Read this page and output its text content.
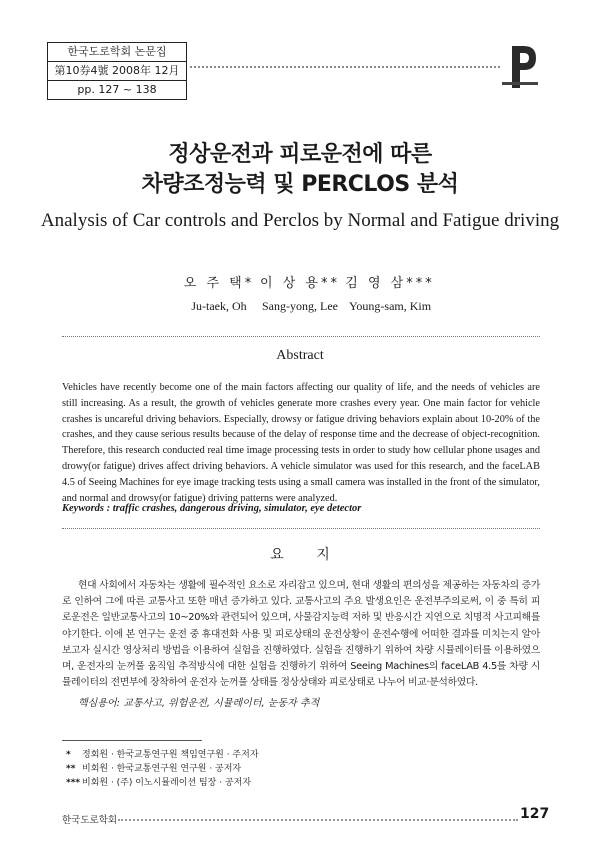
한국도로학회 논문집
第10券4號 2008年 12月
pp. 127 ~ 138
정상운전과 피로운전에 따른
차량조정능력 및 PERCLOS 분석
Analysis of Car controls and Perclos by Normal and Fatigue driving
오 주 택*
Ju-taek, Oh
이 상 용**
Sang-yong, Lee
김 영 삼***
Young-sam, Kim
Abstract
Vehicles have recently become one of the main factors affecting our quality of life, and the needs of vehicles are still increasing. As a result, the growth of vehicles generate more crashes every year. One main factor for vehicle crashes is uncareful driving behaviors. Especially, drowsy or fatigue driving behaviors explain about 10-20% of the crashes, and they cause serious results because of the delay of response time and the decrease of object-recognition. Therefore, this research conducted real time image processing tests in order to study how cellular phone usages and drowy(or fatigue) drives affect driving behaviors. A vehicle simulator was used for this research, and the faceLAB 4.5 of Seeing Machines for eye image tracking tests using a small camera was installed in the front of the simulator, and normal and drowsy(or fatigue) driving patterns were analyzed.
Keywords : traffic crashes, dangerous driving, simulator, eye detector
요 지
현대 사회에서 자동차는 생활에 필수적인 요소로 자리잡고 있으며, 현대 생활의 편의성을 제공하는 자동차의 증가로 인하여 그에 따른 교통사고 또한 매년 증가하고 있다. 교통사고의 주요 발생요인은 운전부주의로써, 이 중 특히 피로운전은 일반교통사고의 10~20%와 관련되어 있으며, 사물감지능력 저하 및 반응시간 지연으로 치명적 사고피해를 야기한다. 이에 본 연구는 운전 중 휴대전화 사용 및 피로상태의 운전상황이 운전수행에 어떠한 결과를 미치는지 알아보고자 실시간 영상처리 방법을 이용하여 실험을 진행하였다. 실험을 진행하기 위하여 차량 시뮬레이터를 이용하였으며, 운전자의 눈꺼풀 움직임 추적방식에 대한 실험을 진행하기 위하여 Seeing Machines의 faceLAB 4.5를 차량 시뮬레이터의 전면부에 장착하여 운전자 눈꺼풀 상태를 정상상태와 피로상태로 나누어 비교·분석하였다.
핵심용어: 교통사고, 위험운전, 시뮬레이터, 눈동자 추적
* 정회원 · 한국교통연구원 책임연구원 · 주저자
** 비회원 · 한국교통연구원 연구원 · 공저자
*** 비회원 · (주) 이노시뮬레이션 팀장 · 공저자
한국도로학회	127
